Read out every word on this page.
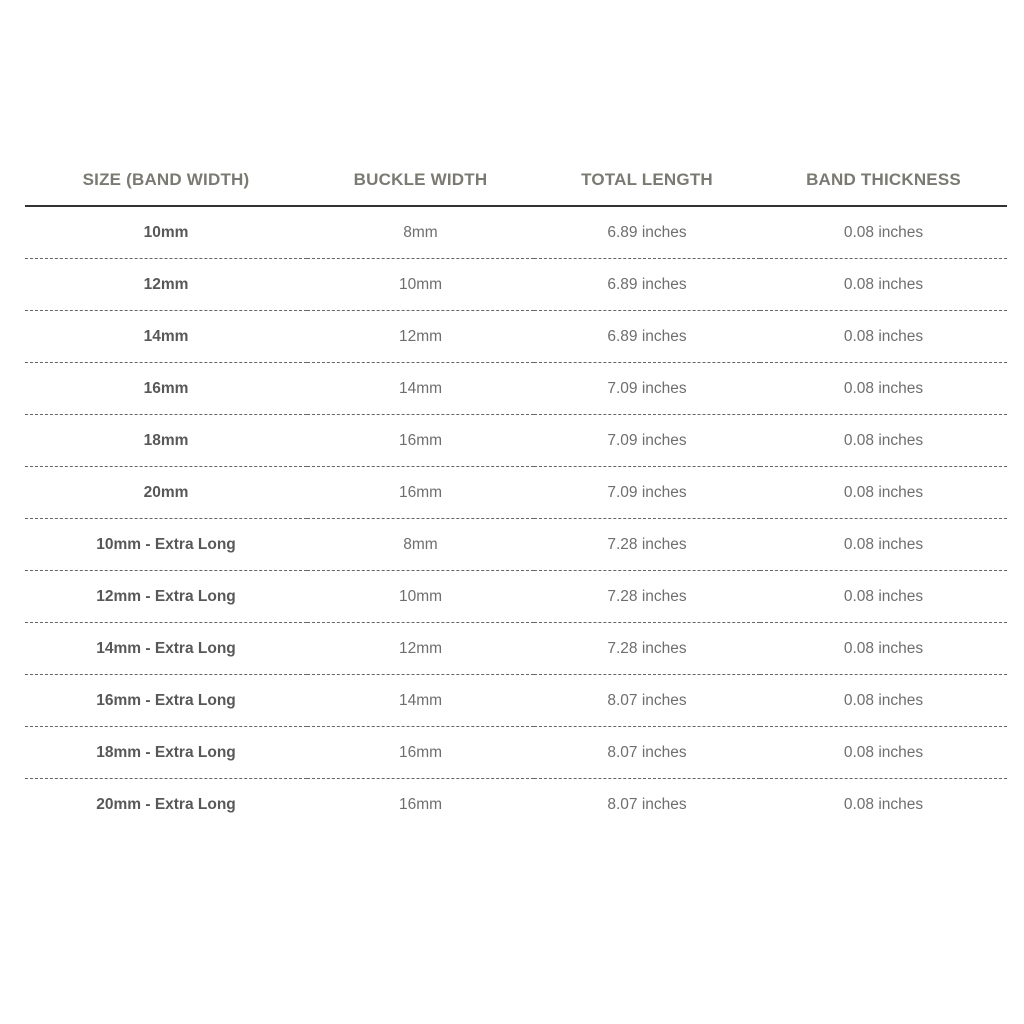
SIZE (BAND WIDTH)	BUCKLE WIDTH	TOTAL LENGTH	BAND THICKNESS
10mm	8mm	6.89 inches	0.08 inches
12mm	10mm	6.89 inches	0.08 inches
14mm	12mm	6.89 inches	0.08 inches
16mm	14mm	7.09 inches	0.08 inches
18mm	16mm	7.09 inches	0.08 inches
20mm	16mm	7.09 inches	0.08 inches
10mm - Extra Long	8mm	7.28 inches	0.08 inches
12mm - Extra Long	10mm	7.28 inches	0.08 inches
14mm - Extra Long	12mm	7.28 inches	0.08 inches
16mm - Extra Long	14mm	8.07 inches	0.08 inches
18mm - Extra Long	16mm	8.07 inches	0.08 inches
20mm - Extra Long	16mm	8.07 inches	0.08 inches
